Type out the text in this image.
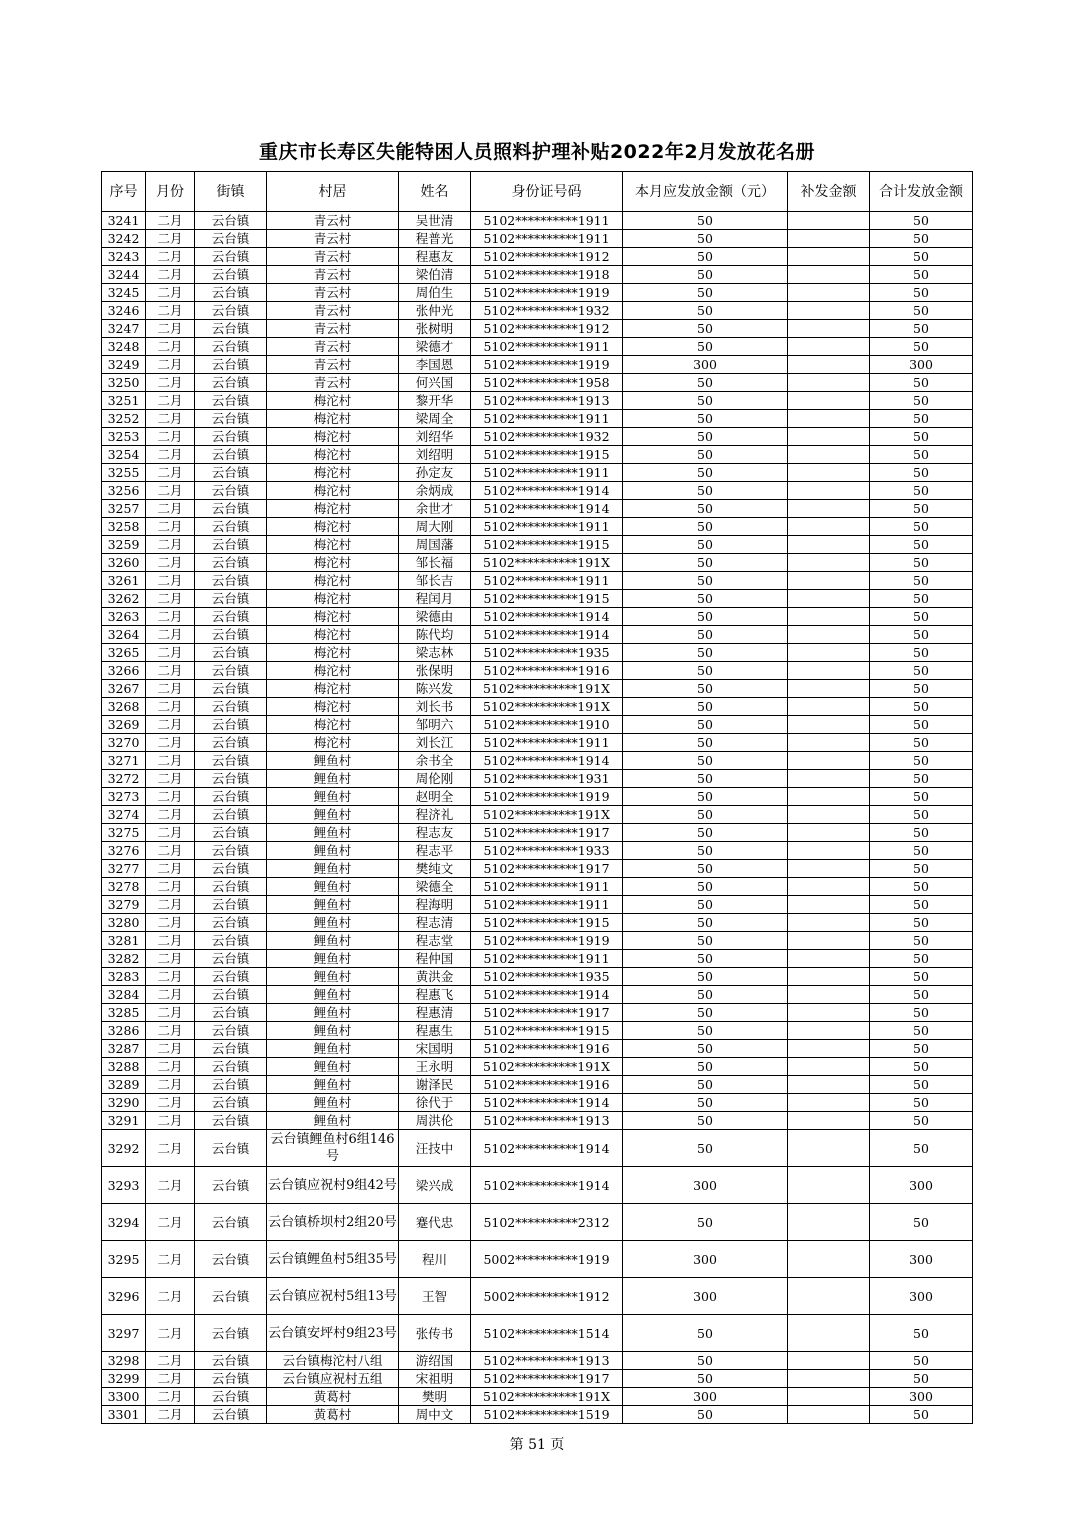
重庆市长寿区失能特困人员照料护理补贴2022年2月发放花名册
序号	月份	街镇	村居	姓名	身份证号码	本月应发放金额（元）	补发金额	合计发放金额
3241	二月	云台镇	青云村	吴世清	5102**********1911	50		50
3242	二月	云台镇	青云村	程普光	5102**********1911	50		50
3243	二月	云台镇	青云村	程惠友	5102**********1912	50		50
3244	二月	云台镇	青云村	梁伯清	5102**********1918	50		50
3245	二月	云台镇	青云村	周伯生	5102**********1919	50		50
3246	二月	云台镇	青云村	张仲光	5102**********1932	50		50
3247	二月	云台镇	青云村	张树明	5102**********1912	50		50
3248	二月	云台镇	青云村	梁德才	5102**********1911	50		50
3249	二月	云台镇	青云村	李国恩	5102**********1919	300		300
3250	二月	云台镇	青云村	何兴国	5102**********1958	50		50
3251	二月	云台镇	梅沱村	黎开华	5102**********1913	50		50
3252	二月	云台镇	梅沱村	梁周全	5102**********1911	50		50
3253	二月	云台镇	梅沱村	刘绍华	5102**********1932	50		50
3254	二月	云台镇	梅沱村	刘绍明	5102**********1915	50		50
3255	二月	云台镇	梅沱村	孙定友	5102**********1911	50		50
3256	二月	云台镇	梅沱村	余炳成	5102**********1914	50		50
3257	二月	云台镇	梅沱村	余世才	5102**********1914	50		50
3258	二月	云台镇	梅沱村	周大刚	5102**********1911	50		50
3259	二月	云台镇	梅沱村	周国藩	5102**********1915	50		50
3260	二月	云台镇	梅沱村	邹长福	5102**********191X	50		50
3261	二月	云台镇	梅沱村	邹长吉	5102**********1911	50		50
3262	二月	云台镇	梅沱村	程闰月	5102**********1915	50		50
3263	二月	云台镇	梅沱村	梁德由	5102**********1914	50		50
3264	二月	云台镇	梅沱村	陈代均	5102**********1914	50		50
3265	二月	云台镇	梅沱村	梁志林	5102**********1935	50		50
3266	二月	云台镇	梅沱村	张保明	5102**********1916	50		50
3267	二月	云台镇	梅沱村	陈兴发	5102**********191X	50		50
3268	二月	云台镇	梅沱村	刘长书	5102**********191X	50		50
3269	二月	云台镇	梅沱村	邹明六	5102**********1910	50		50
3270	二月	云台镇	梅沱村	刘长江	5102**********1911	50		50
3271	二月	云台镇	鲤鱼村	余书全	5102**********1914	50		50
3272	二月	云台镇	鲤鱼村	周伦刚	5102**********1931	50		50
3273	二月	云台镇	鲤鱼村	赵明全	5102**********1919	50		50
3274	二月	云台镇	鲤鱼村	程济礼	5102**********191X	50		50
3275	二月	云台镇	鲤鱼村	程志友	5102**********1917	50		50
3276	二月	云台镇	鲤鱼村	程志平	5102**********1933	50		50
3277	二月	云台镇	鲤鱼村	樊纯文	5102**********1917	50		50
3278	二月	云台镇	鲤鱼村	梁德全	5102**********1911	50		50
3279	二月	云台镇	鲤鱼村	程海明	5102**********1911	50		50
3280	二月	云台镇	鲤鱼村	程志清	5102**********1915	50		50
3281	二月	云台镇	鲤鱼村	程志堂	5102**********1919	50		50
3282	二月	云台镇	鲤鱼村	程仲国	5102**********1911	50		50
3283	二月	云台镇	鲤鱼村	黄洪金	5102**********1935	50		50
3284	二月	云台镇	鲤鱼村	程惠飞	5102**********1914	50		50
3285	二月	云台镇	鲤鱼村	程惠清	5102**********1917	50		50
3286	二月	云台镇	鲤鱼村	程惠生	5102**********1915	50		50
3287	二月	云台镇	鲤鱼村	宋国明	5102**********1916	50		50
3288	二月	云台镇	鲤鱼村	王永明	5102**********191X	50		50
3289	二月	云台镇	鲤鱼村	谢泽民	5102**********1916	50		50
3290	二月	云台镇	鲤鱼村	徐代于	5102**********1914	50		50
3291	二月	云台镇	鲤鱼村	周洪伦	5102**********1913	50		50
3292	二月	云台镇	云台镇鲤鱼村6组146号	汪技中	5102**********1914	50		50
3293	二月	云台镇	云台镇应祝村9组42号	梁兴成	5102**********1914	300		300
3294	二月	云台镇	云台镇桥坝村2组20号	蹇代忠	5102**********2312	50		50
3295	二月	云台镇	云台镇鲤鱼村5组35号	程川	5002**********1919	300		300
3296	二月	云台镇	云台镇应祝村5组13号	王智	5002**********1912	300		300
3297	二月	云台镇	云台镇安坪村9组23号	张传书	5102**********1514	50		50
3298	二月	云台镇	云台镇梅沱村八组	游绍国	5102**********1913	50		50
3299	二月	云台镇	云台镇应祝村五组	宋祖明	5102**********1917	50		50
3300	二月	云台镇	黄葛村	樊明	5102**********191X	300		300
3301	二月	云台镇	黄葛村	周中文	5102**********1519	50		50
第 51 页
